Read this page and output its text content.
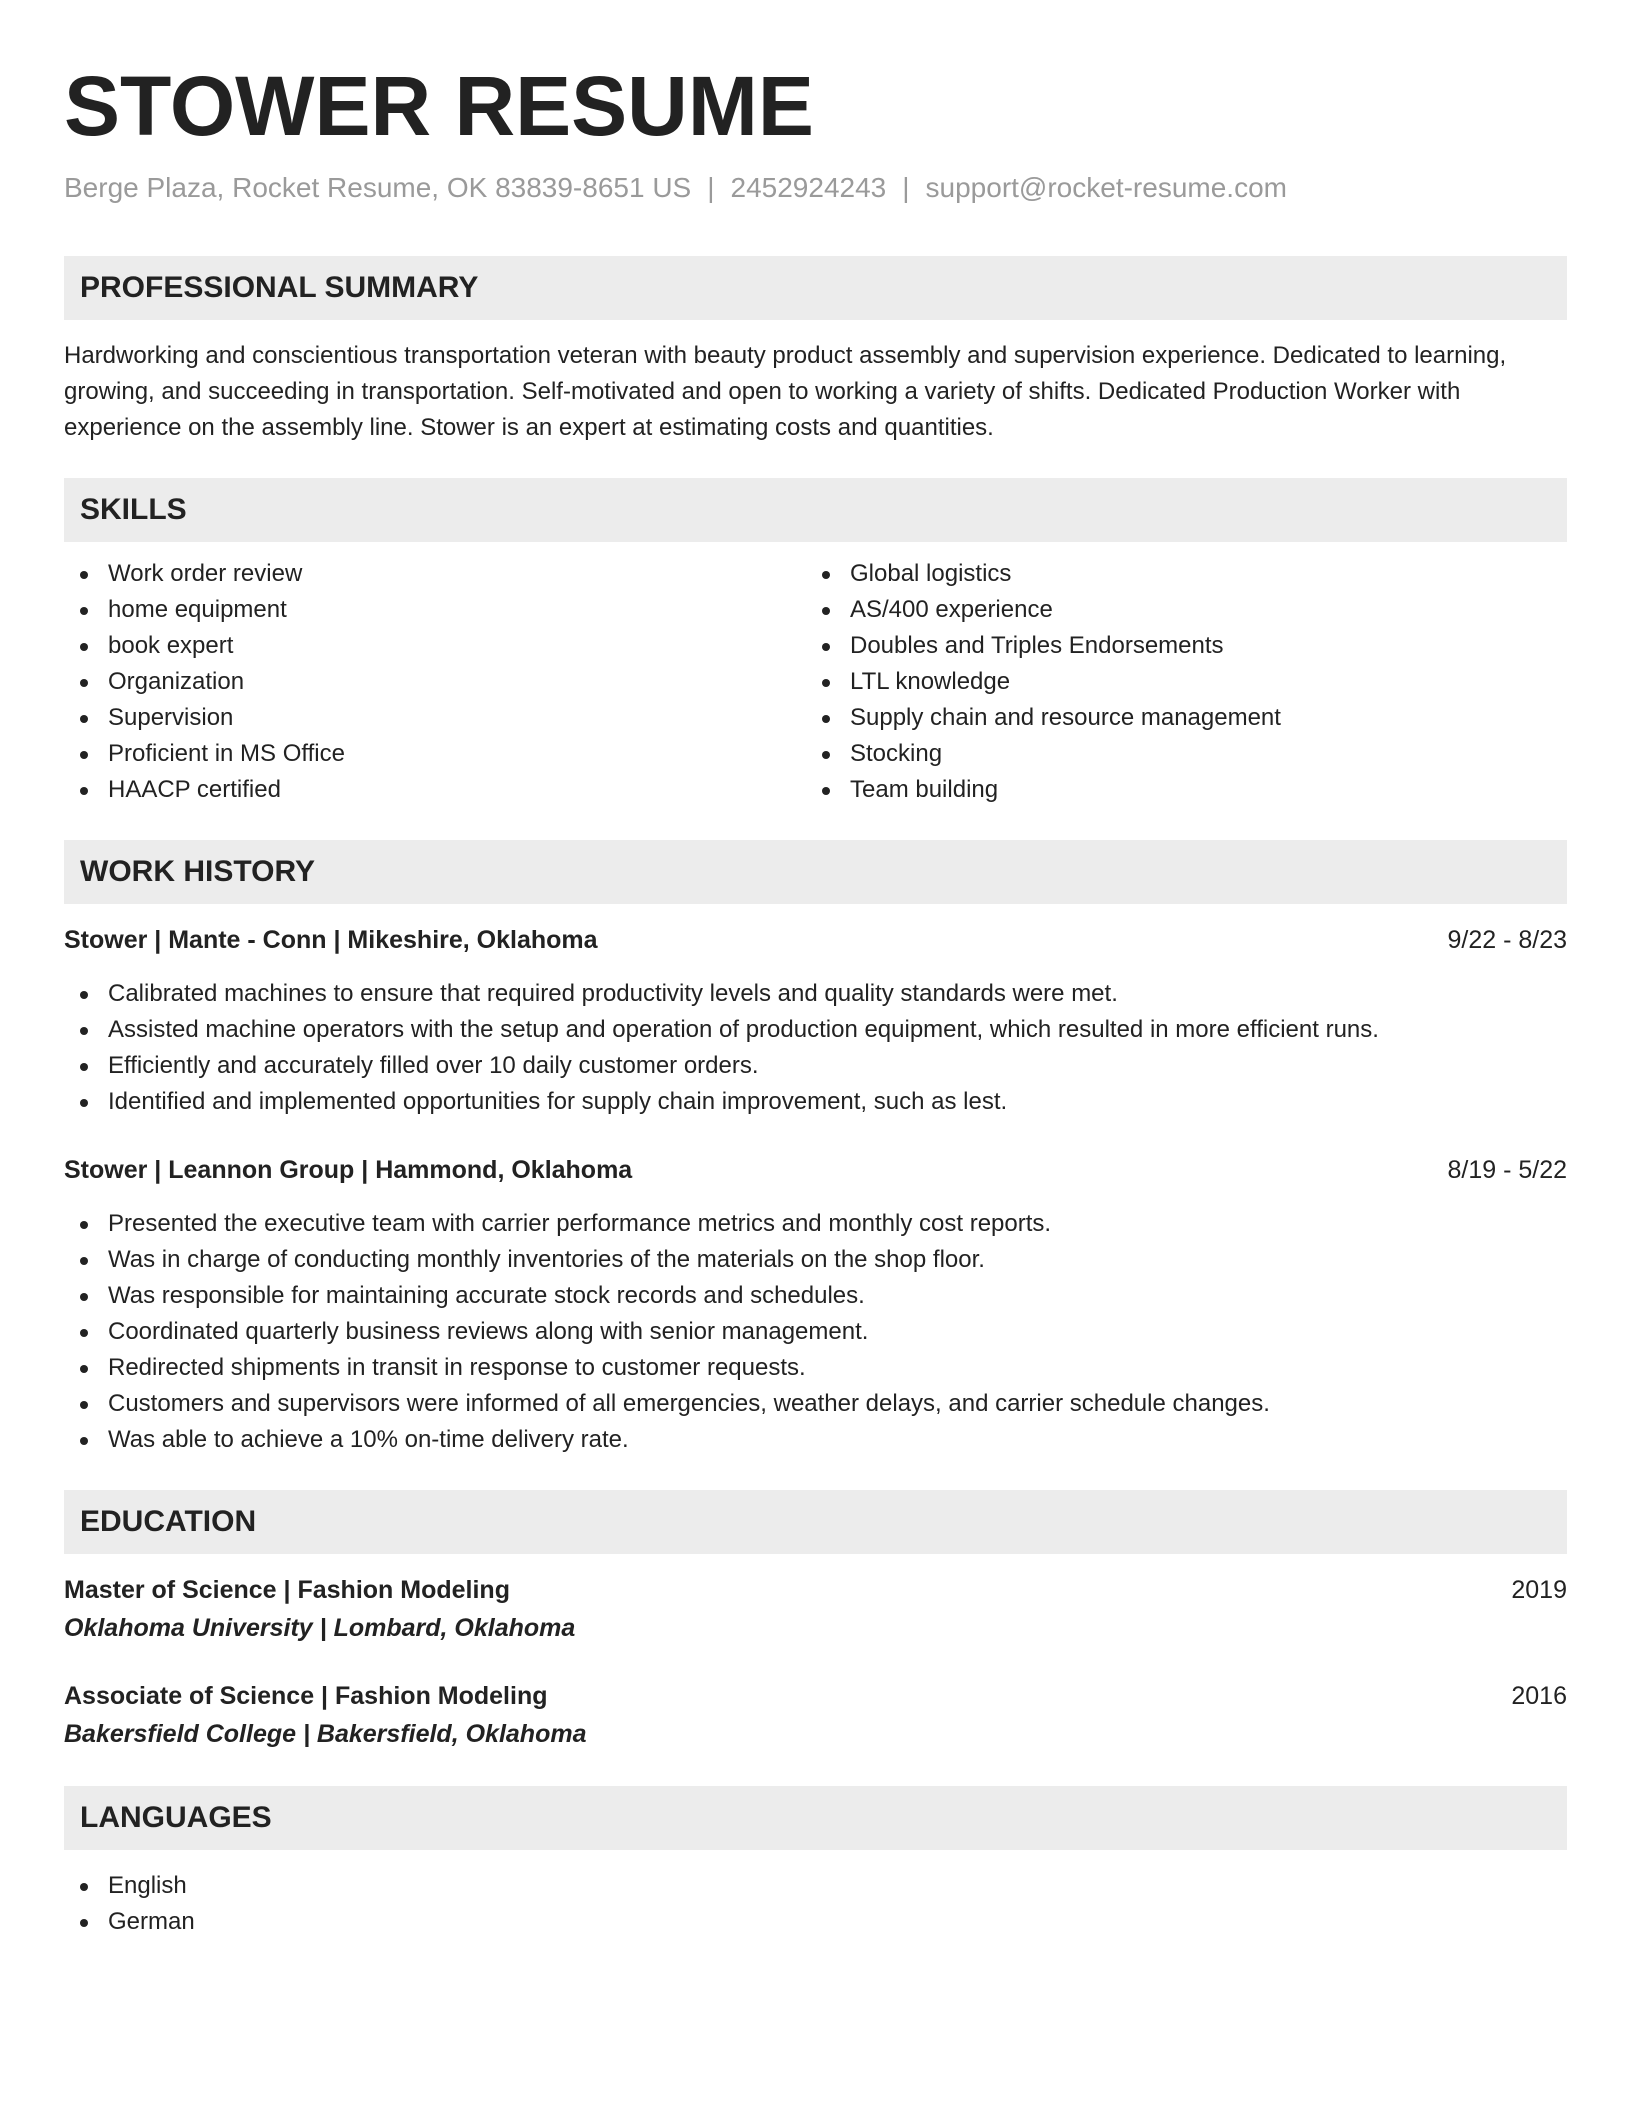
STOWER RESUME
Berge Plaza, Rocket Resume, OK 83839-8651 US | 2452924243 | support@rocket-resume.com
PROFESSIONAL SUMMARY

Hardworking and conscientious transportation veteran with beauty product assembly and supervision experience. Dedicated to learning, growing, and succeeding in transportation. Self-motivated and open to working a variety of shifts. Dedicated Production Worker with experience on the assembly line. Stower is an expert at estimating costs and quantities.

SKILLS
Work order review
home equipment
book expert
Organization
Supervision
Proficient in MS Office
HAACP certified
Global logistics
AS/400 experience
Doubles and Triples Endorsements
LTL knowledge
Supply chain and resource management
Stocking
Team building
WORK HISTORY
Stower | Mante - Conn | Mikeshire, Oklahoma	9/22 - 8/23
Calibrated machines to ensure that required productivity levels and quality standards were met.
Assisted machine operators with the setup and operation of production equipment, which resulted in more efficient runs.
Efficiently and accurately filled over 10 daily customer orders.
Identified and implemented opportunities for supply chain improvement, such as lest.
Stower | Leannon Group | Hammond, Oklahoma	8/19 - 5/22
Presented the executive team with carrier performance metrics and monthly cost reports.
Was in charge of conducting monthly inventories of the materials on the shop floor.
Was responsible for maintaining accurate stock records and schedules.
Coordinated quarterly business reviews along with senior management.
Redirected shipments in transit in response to customer requests.
Customers and supervisors were informed of all emergencies, weather delays, and carrier schedule changes.
Was able to achieve a 10% on-time delivery rate.
EDUCATION
Master of Science | Fashion Modeling	2019
Oklahoma University | Lombard, Oklahoma
Associate of Science | Fashion Modeling	2016
Bakersfield College | Bakersfield, Oklahoma
LANGUAGES
English
German
